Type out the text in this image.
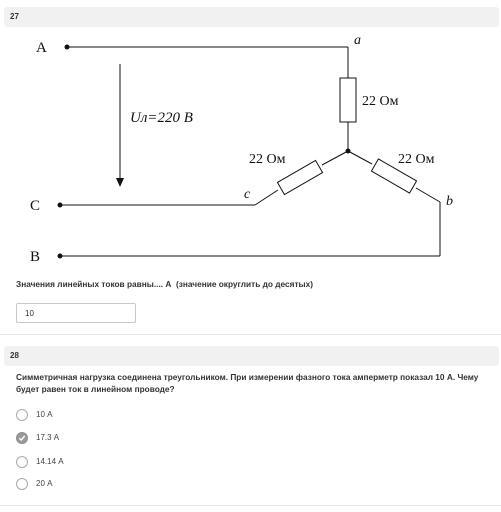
27
A
C
B
Uл=220 В
a
c	b
22 Ом
22 Ом	22 Ом
Значения линейных токов равны.... А  (значение округлить до десятых)
10
28
Симметричная нагрузка соединена треугольником. При измерении фазного тока амперметр показал 10 А. Чему
будет равен ток в линейном проводе?
10 А
17.3 А
14.14 А
20 А
